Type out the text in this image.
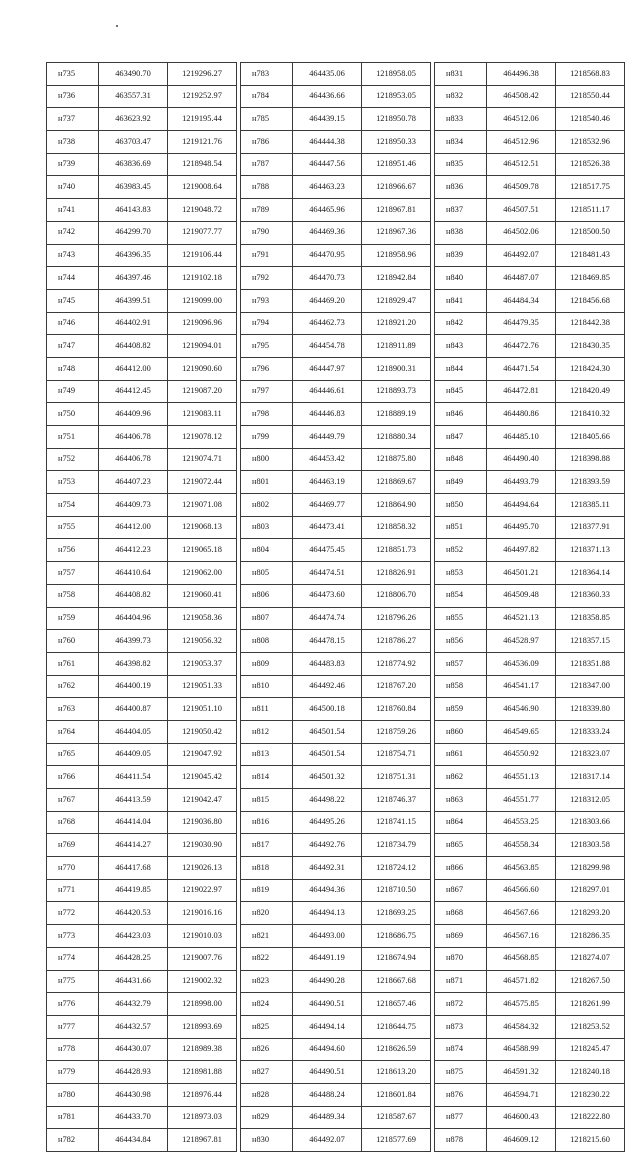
н735	463490.70	1219296.27
н736	463557.31	1219252.97
н737	463623.92	1219195.44
н738	463703.47	1219121.76
н739	463836.69	1218948.54
н740	463983.45	1219008.64
н741	464143.83	1219048.72
н742	464299.70	1219077.77
н743	464396.35	1219106.44
н744	464397.46	1219102.18
н745	464399.51	1219099.00
н746	464402.91	1219096.96
н747	464408.82	1219094.01
н748	464412.00	1219090.60
н749	464412.45	1219087.20
н750	464409.96	1219083.11
н751	464406.78	1219078.12
н752	464406.78	1219074.71
н753	464407.23	1219072.44
н754	464409.73	1219071.08
н755	464412.00	1219068.13
н756	464412.23	1219065.18
н757	464410.64	1219062.00
н758	464408.82	1219060.41
н759	464404.96	1219058.36
н760	464399.73	1219056.32
н761	464398.82	1219053.37
н762	464400.19	1219051.33
н763	464400.87	1219051.10
н764	464404.05	1219050.42
н765	464409.05	1219047.92
н766	464411.54	1219045.42
н767	464413.59	1219042.47
н768	464414.04	1219036.80
н769	464414.27	1219030.90
н770	464417.68	1219026.13
н771	464419.85	1219022.97
н772	464420.53	1219016.16
н773	464423.03	1219010.03
н774	464428.25	1219007.76
н775	464431.66	1219002.32
н776	464432.79	1218998.00
н777	464432.57	1218993.69
н778	464430.07	1218989.38
н779	464428.93	1218981.88
н780	464430.98	1218976.44
н781	464433.70	1218973.03
н782	464434.84	1218967.81
н783	464435.06	1218958.05
н784	464436.66	1218953.05
н785	464439.15	1218950.78
н786	464444.38	1218950.33
н787	464447.56	1218951.46
н788	464463.23	1218966.67
н789	464465.96	1218967.81
н790	464469.36	1218967.36
н791	464470.95	1218958.96
н792	464470.73	1218942.84
н793	464469.20	1218929.47
н794	464462.73	1218921.20
н795	464454.78	1218911.89
н796	464447.97	1218900.31
н797	464446.61	1218893.73
н798	464446.83	1218889.19
н799	464449.79	1218880.34
н800	464453.42	1218875.80
н801	464463.19	1218869.67
н802	464469.77	1218864.90
н803	464473.41	1218858.32
н804	464475.45	1218851.73
н805	464474.51	1218826.91
н806	464473.60	1218806.70
н807	464474.74	1218796.26
н808	464478.15	1218786.27
н809	464483.83	1218774.92
н810	464492.46	1218767.20
н811	464500.18	1218760.84
н812	464501.54	1218759.26
н813	464501.54	1218754.71
н814	464501.32	1218751.31
н815	464498.22	1218746.37
н816	464495.26	1218741.15
н817	464492.76	1218734.79
н818	464492.31	1218724.12
н819	464494.36	1218710.50
н820	464494.13	1218693.25
н821	464493.00	1218686.75
н822	464491.19	1218674.94
н823	464490.28	1218667.68
н824	464490.51	1218657.46
н825	464494.14	1218644.75
н826	464494.60	1218626.59
н827	464490.51	1218613.20
н828	464488.24	1218601.84
н829	464489.34	1218587.67
н830	464492.07	1218577.69
н831	464496.38	1218568.83
н832	464508.42	1218550.44
н833	464512.06	1218540.46
н834	464512.96	1218532.96
н835	464512.51	1218526.38
н836	464509.78	1218517.75
н837	464507.51	1218511.17
н838	464502.06	1218500.50
н839	464492.07	1218481.43
н840	464487.07	1218469.85
н841	464484.34	1218456.68
н842	464479.35	1218442.38
н843	464472.76	1218430.35
н844	464471.54	1218424.30
н845	464472.81	1218420.49
н846	464480.86	1218410.32
н847	464485.10	1218405.66
н848	464490.40	1218398.88
н849	464493.79	1218393.59
н850	464494.64	1218385.11
н851	464495.70	1218377.91
н852	464497.82	1218371.13
н853	464501.21	1218364.14
н854	464509.48	1218360.33
н855	464521.13	1218358.85
н856	464528.97	1218357.15
н857	464536.09	1218351.88
н858	464541.17	1218347.00
н859	464546.90	1218339.80
н860	464549.65	1218333.24
н861	464550.92	1218323.07
н862	464551.13	1218317.14
н863	464551.77	1218312.05
н864	464553.25	1218303.66
н865	464558.34	1218303.58
н866	464563.85	1218299.98
н867	464566.60	1218297.01
н868	464567.66	1218293.20
н869	464567.16	1218286.35
н870	464568.85	1218274.07
н871	464571.82	1218267.50
н872	464575.85	1218261.99
н873	464584.32	1218253.52
н874	464588.99	1218245.47
н875	464591.32	1218240.18
н876	464594.71	1218230.22
н877	464600.43	1218222.80
н878	464609.12	1218215.60
